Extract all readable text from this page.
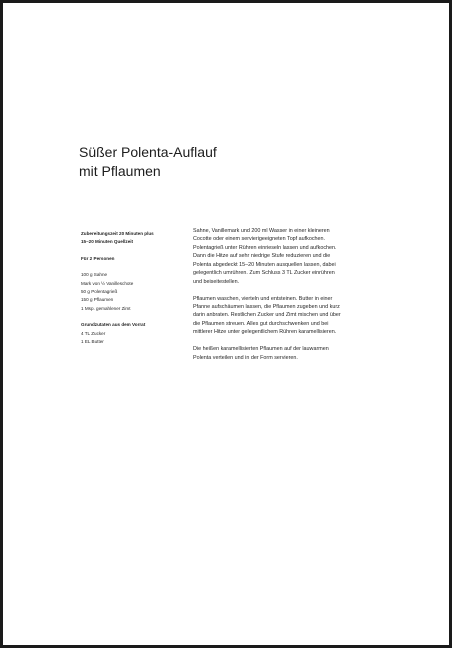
Süßer Polenta-Auflauf
mit Pflaumen
Zubereitungszeit 20 Minuten plus
15–20 Minuten Quellzeit
Für 2 Personen
100 g Sahne
Mark von ½ Vanilleschote
50 g Polentagrieß
150 g Pflaumen
1 Msp. gemahlener Zimt
Grundzutaten aus dem Vorrat
4 TL Zucker
1 EL Butter
Sahne, Vanillemark und 200 ml Wasser in einer kleineren
Cocotte oder einem servierigeeigneten Topf aufkochen.
Polentagrieß unter Rühren einrieseln lassen und aufkochen.
Dann die Hitze auf sehr niedrige Stufe reduzieren und die
Polenta abgedeckt 15–20 Minuten ausquellen lassen, dabei
gelegentlich umrühren. Zum Schluss 3 TL Zucker einrühren
und beiseitestellen.
Pflaumen waschen, vierteln und entsteinen. Butter in einer
Pfanne aufschäumen lassen, die Pflaumen zugeben und kurz
darin anbraten. Restlichen Zucker und Zimt mischen und über
die Pflaumen streuen. Alles gut durchschwenken und bei
mittlerer Hitze unter gelegentlichem Rühren karamellisieren.
Die heißen karamellisierten Pflaumen auf der lauwarmen
Polenta verteilen und in der Form servieren.
